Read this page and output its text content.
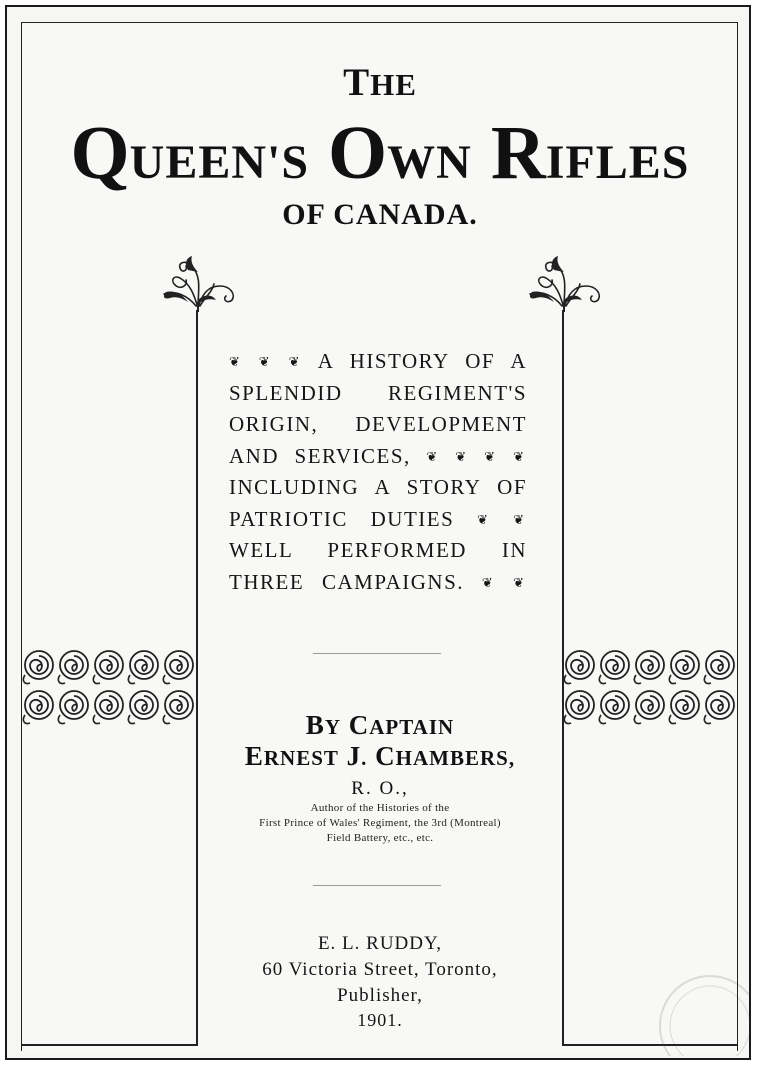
THE
QUEEN'S OWN RIFLES
OF CANADA.
❦ ❦ ❦ A HISTORY OF A
SPLENDID REGIMENT'S
ORIGIN, DEVELOPMENT
AND SERVICES, ❦ ❦ ❦ ❦
INCLUDING A STORY OF
PATRIOTIC DUTIES ❦ ❦
WELL PERFORMED IN
THREE CAMPAIGNS. ❦ ❦
BY CAPTAIN
ERNEST J. CHAMBERS,
R. O.,
Author of the Histories of the
First Prince of Wales' Regiment, the 3rd (Montreal)
Field Battery, etc., etc.
E. L. RUDDY,
60 Victoria Street, Toronto,
Publisher,
1901.
